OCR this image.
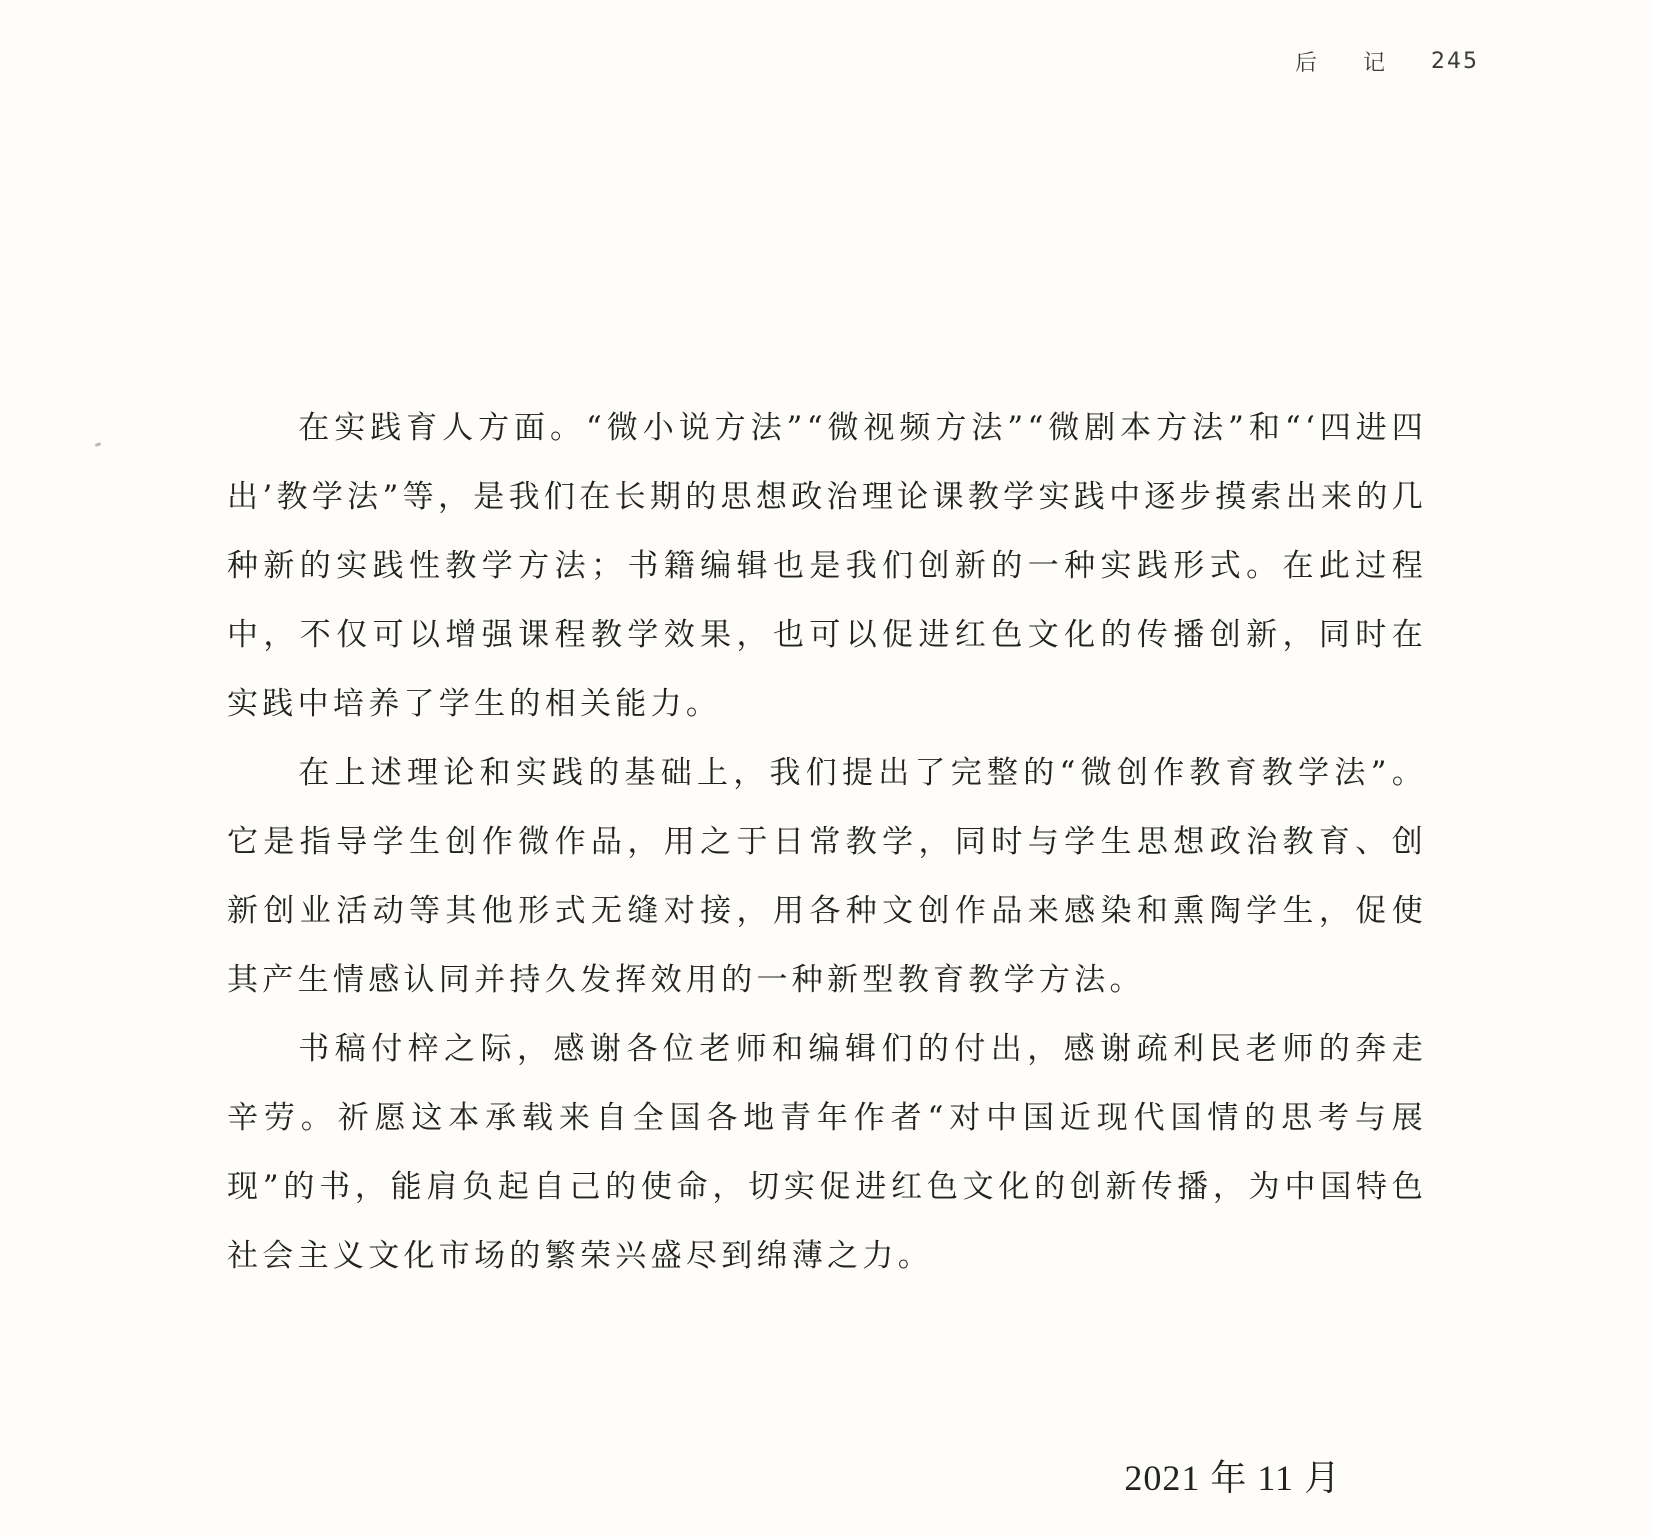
后记 245

在实践育人方面。“微小说方法”“微视频方法”“微剧本方法”和“‘四进四出’教学法”等，是我们在长期的思想政治理论课教学实践中逐步摸索出来的几种新的实践性教学方法；书籍编辑也是我们创新的一种实践形式。在此过程中，不仅可以增强课程教学效果，也可以促进红色文化的传播创新，同时在实践中培养了学生的相关能力。

在上述理论和实践的基础上，我们提出了完整的“微创作教育教学法”。它是指导学生创作微作品，用之于日常教学，同时与学生思想政治教育、创新创业活动等其他形式无缝对接，用各种文创作品来感染和熏陶学生，促使其产生情感认同并持久发挥效用的一种新型教育教学方法。

书稿付梓之际，感谢各位老师和编辑们的付出，感谢疏利民老师的奔走辛劳。祈愿这本承载来自全国各地青年作者“对中国近现代国情的思考与展现”的书，能肩负起自己的使命，切实促进红色文化的创新传播，为中国特色社会主义文化市场的繁荣兴盛尽到绵薄之力。

2021 年 11 月
